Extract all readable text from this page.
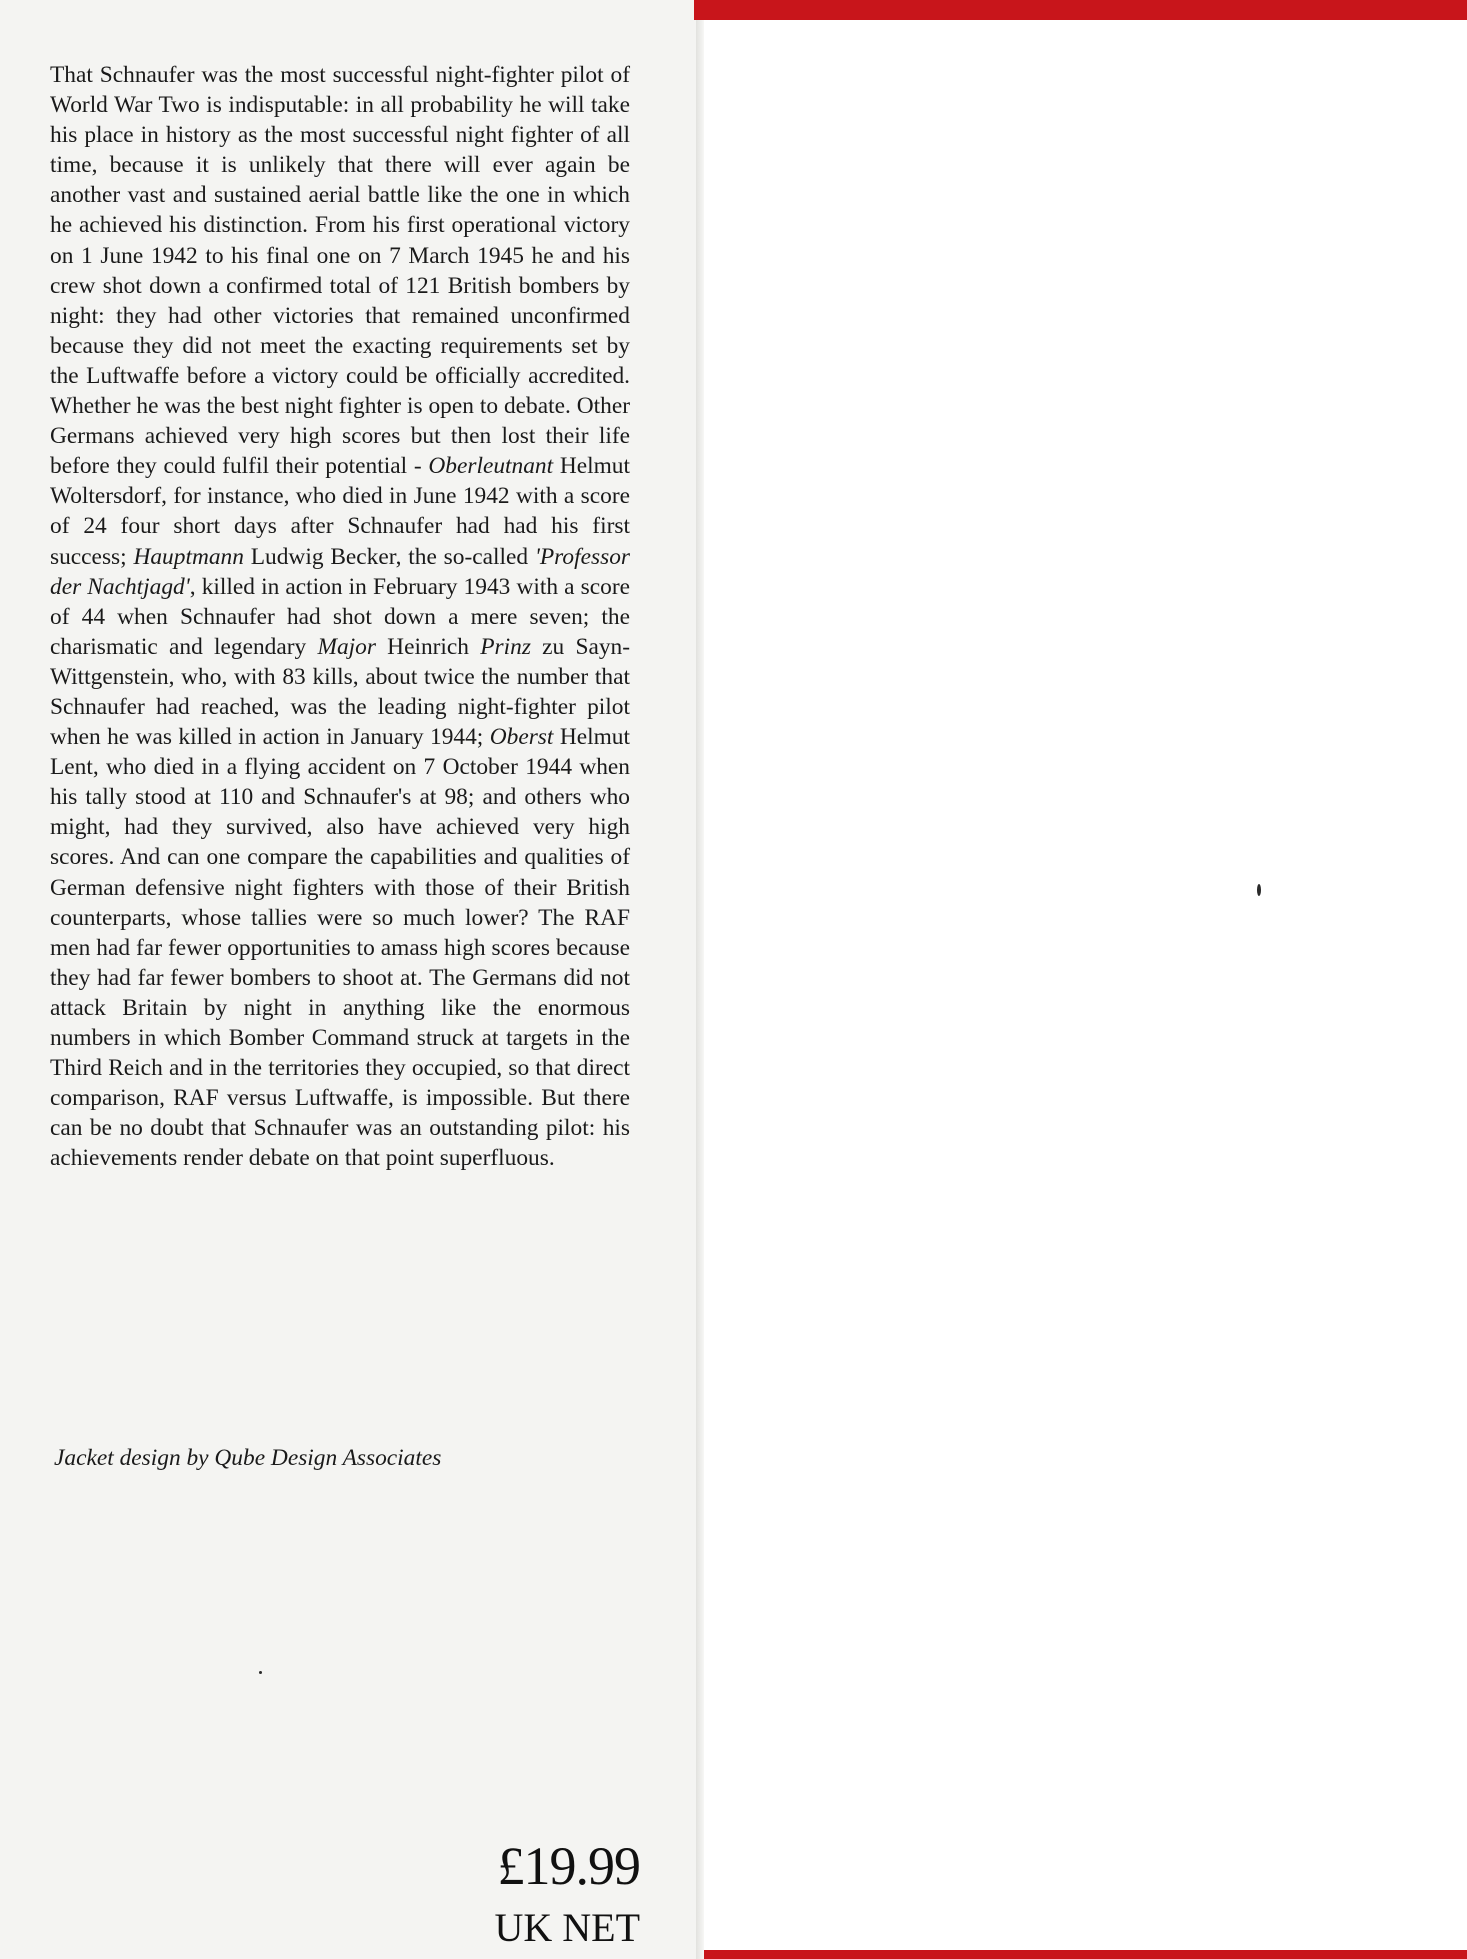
That Schnaufer was the most successful night-fighter pilot of World War Two is indisputable: in all probability he will take his place in history as the most successful night fighter of all time, because it is unlikely that there will ever again be another vast and sustained aerial battle like the one in which he achieved his distinction. From his first operational victory on 1 June 1942 to his final one on 7 March 1945 he and his crew shot down a confirmed total of 121 British bombers by night: they had other victories that remained unconfirmed because they did not meet the exacting requirements set by the Luftwaffe before a victory could be officially accredited. Whether he was the best night fighter is open to debate. Other Germans achieved very high scores but then lost their life before they could fulfil their potential - Oberleutnant Helmut Woltersdorf, for instance, who died in June 1942 with a score of 24 four short days after Schnaufer had had his first success; Hauptmann Ludwig Becker, the so-called 'Professor der Nachtjagd', killed in action in February 1943 with a score of 44 when Schnaufer had shot down a mere seven; the charismatic and legendary Major Heinrich Prinz zu Sayn-Wittgenstein, who, with 83 kills, about twice the number that Schnaufer had reached, was the leading night-fighter pilot when he was killed in action in January 1944; Oberst Helmut Lent, who died in a flying accident on 7 October 1944 when his tally stood at 110 and Schnaufer's at 98; and others who might, had they survived, also have achieved very high scores. And can one compare the capabilities and qualities of German defensive night fighters with those of their British counterparts, whose tallies were so much lower? The RAF men had far fewer opportunities to amass high scores because they had far fewer bombers to shoot at. The Germans did not attack Britain by night in anything like the enormous numbers in which Bomber Command struck at targets in the Third Reich and in the territories they occupied, so that direct comparison, RAF versus Luftwaffe, is impossible. But there can be no doubt that Schnaufer was an outstanding pilot: his achievements render debate on that point superfluous.

Jacket design by Qube Design Associates

£19.99
UK NET
